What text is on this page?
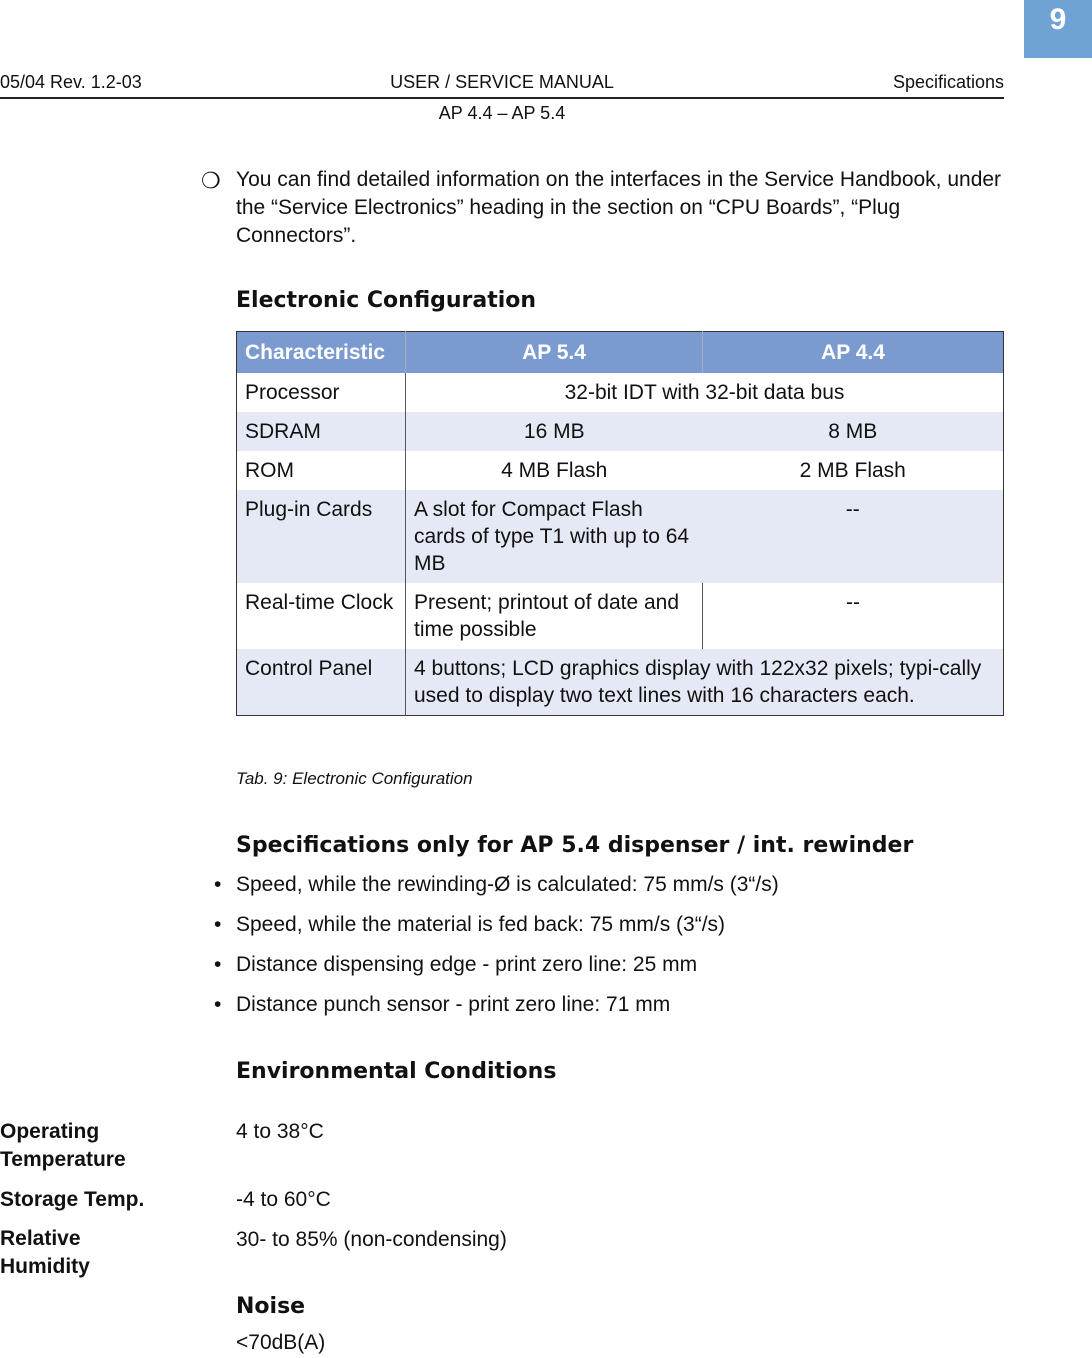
9
05/04 Rev. 1.2-03	USER / SERVICE MANUAL	Specifications
AP 4.4 – AP 5.4
❍ You can find detailed information on the interfaces in the Service Handbook, under the “Service Electronics” heading in the section on “CPU Boards”, “Plug Connectors”.
Electronic Configuration
Characteristic	AP 5.4	AP 4.4
Processor	32-bit IDT with 32-bit data bus	
SDRAM	16 MB	8 MB
ROM	4 MB Flash	2 MB Flash
Plug-in Cards	A slot for Compact Flash cards of type T1 with up to 64 MB	--
Real-time Clock	Present; printout of date and time possible	--
Control Panel	4 buttons; LCD graphics display with 122x32 pixels; typi-cally used to display two text lines with 16 characters each.	
Tab. 9: Electronic Configuration
Specifications only for AP 5.4 dispenser / int. rewinder
• Speed, while the rewinding-Ø is calculated: 75 mm/s (3“/s)
• Speed, while the material is fed back: 75 mm/s (3“/s)
• Distance dispensing edge - print zero line: 25 mm
• Distance punch sensor - print zero line: 71 mm
Environmental Conditions
Operating Temperature
4 to 38°C
Storage Temp.	-4 to 60°C
Relative Humidity
30- to 85% (non-condensing)
Noise
<70dB(A)
